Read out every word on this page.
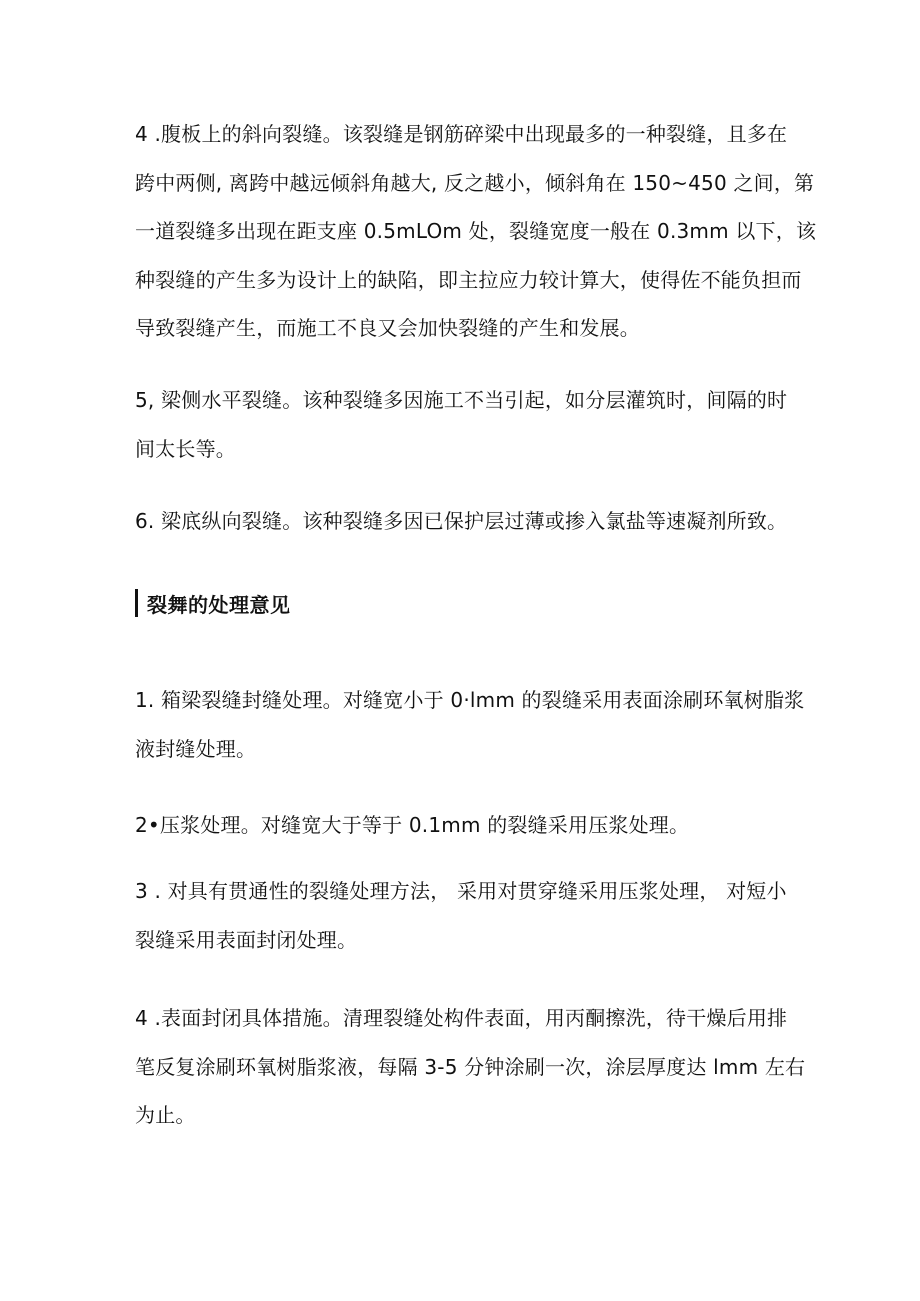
4 .腹板上的斜向裂缝。该裂缝是钢筋碎梁中出现最多的一种裂缝，且多在
跨中两侧, 离跨中越远倾斜角越大, 反之越小，倾斜角在 150~450 之间，第
一道裂缝多出现在距支座 0.5mLOm 处，裂缝宽度一般在 0.3mm 以下，该
种裂缝的产生多为设计上的缺陷，即主拉应力较计算大，使得佐不能负担而
导致裂缝产生，而施工不良又会加快裂缝的产生和发展。

5, 梁侧水平裂缝。该种裂缝多因施工不当引起，如分层灌筑时，间隔的时
间太长等。

6. 梁底纵向裂缝。该种裂缝多因已保护层过薄或掺入氯盐等速凝剂所致。

裂舞的处理意见

1. 箱梁裂缝封缝处理。对缝宽小于 0·lmm 的裂缝采用表面涂刷环氧树脂浆
液封缝处理。

2•压浆处理。对缝宽大于等于 0.1mm 的裂缝采用压浆处理。

3 . 对具有贯通性的裂缝处理方法， 采用对贯穿缝采用压浆处理， 对短小
裂缝采用表面封闭处理。

4 .表面封闭具体措施。清理裂缝处构件表面，用丙酮擦洗，待干燥后用排
笔反复涂刷环氧树脂浆液，每隔 3-5 分钟涂刷一次，涂层厚度达 lmm 左右
为止。
